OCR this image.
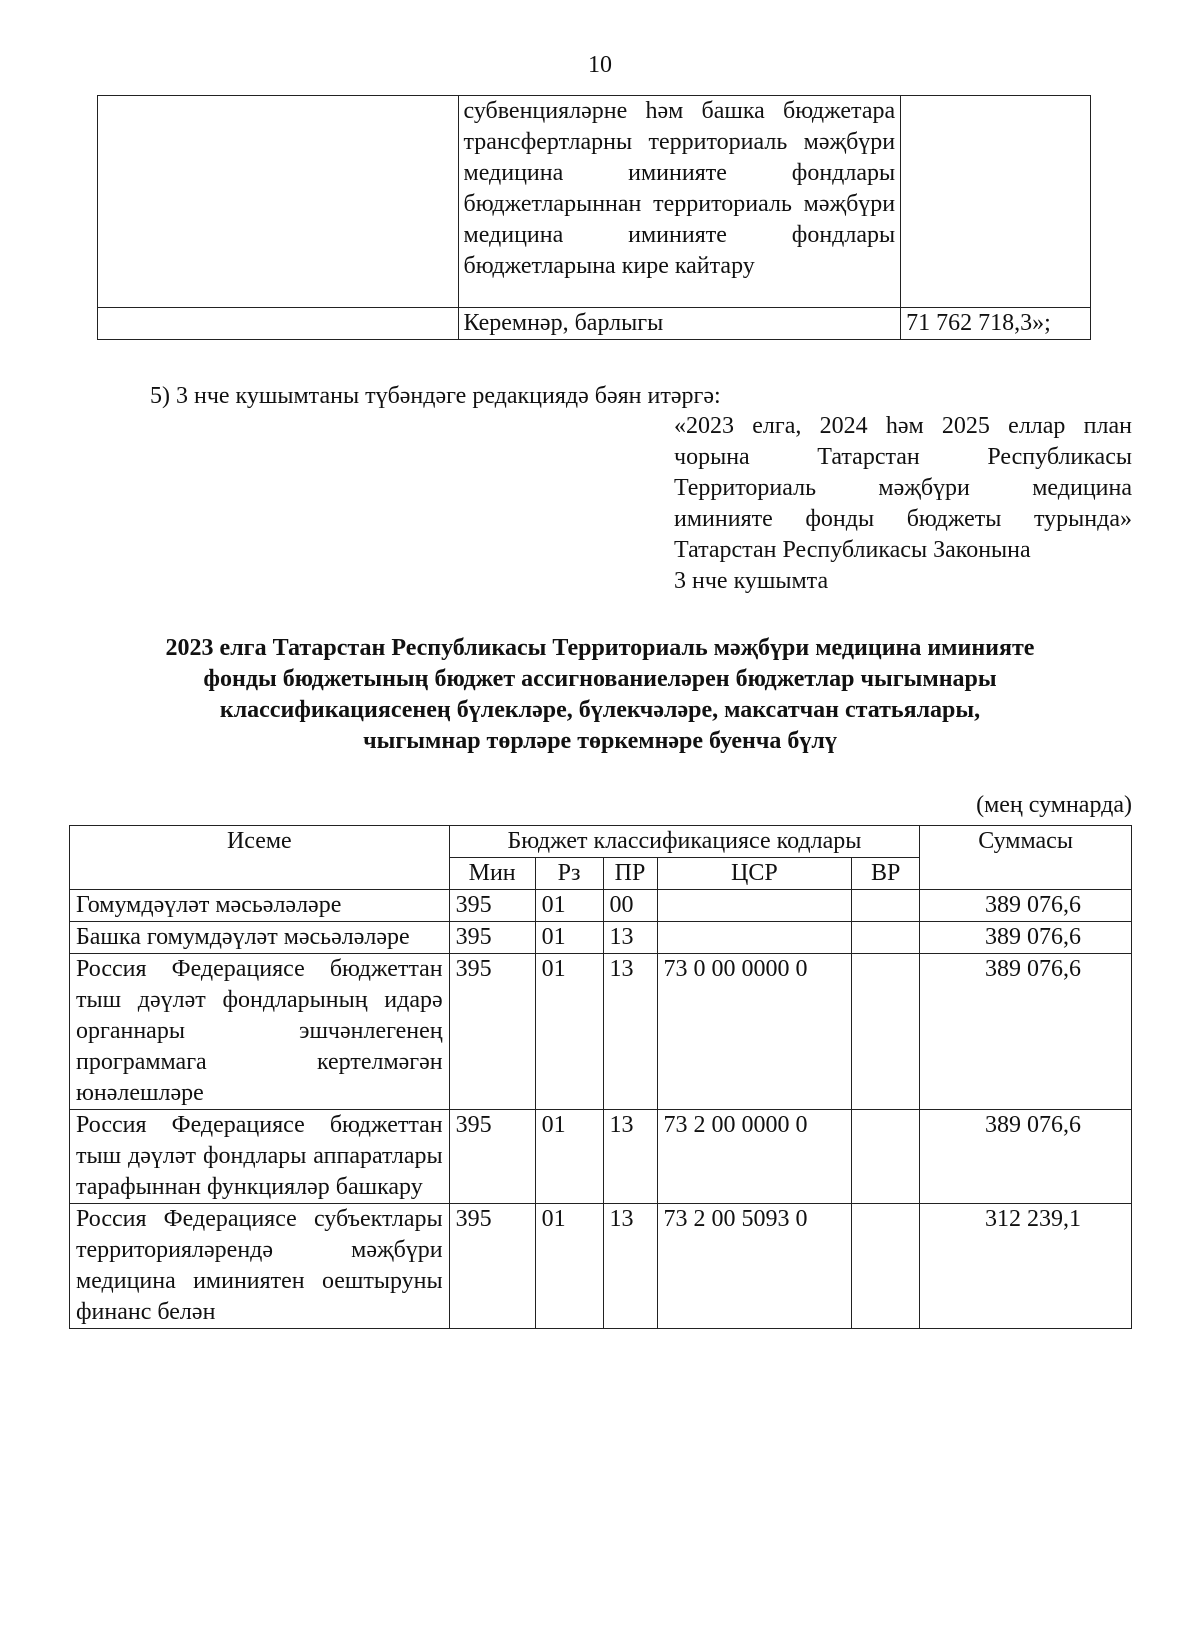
10
	субвенцияләрне һәм башка бюджетара трансфертларны территориаль мәҗбүри медицина иминияте фондлары бюджетларыннан территориаль мәҗбүри медицина иминияте фондлары бюджетларына кире кайтару	
	Керемнәр, барлыгы	71 762 718,3»;

5) 3 нче кушымтаны түбәндәге редакциядә бәян итәргә:

«2023 елга, 2024 һәм 2025 еллар план
чорына Татарстан Республикасы
Территориаль мәҗбүри медицина
иминияте фонды бюджеты турында»
Татарстан Республикасы Законына
3 нче кушымта
2023 елга Татарстан Республикасы Территориаль мәҗбүри медицина иминияте
фонды бюджетының бюджет ассигнованиеләрен бюджетлар чыгымнары
классификациясенең бүлекләре, бүлекчәләре, максатчан статьялары,
чыгымнар төрләре төркемнәре буенча бүлү
(мең сумнарда)
Исеме	Бюджет классификациясе кодлары					Суммасы
	Мин	Рз	ПР	ЦСР	ВР	
Гомумдәүләт мәсьәләләре	395	01	00			389 076,6
Башка гомумдәүләт мәсьәләләре	395	01	13			389 076,6
Россия Федерациясе бюджеттан тыш дәүләт фондларының идарә органнары эшчәнлегенең программага кертелмәгән юнәлешләре	395	01	13	73 0 00 0000 0		389 076,6
Россия Федерациясе бюджеттан тыш дәүләт фондлары аппаратлары тарафыннан функцияләр башкару	395	01	13	73 2 00 0000 0		389 076,6
Россия Федерациясе субъектлары территорияләрендә мәҗбүри медицина иминиятен оештыруны финанс белән	395	01	13	73 2 00 5093 0		312 239,1
